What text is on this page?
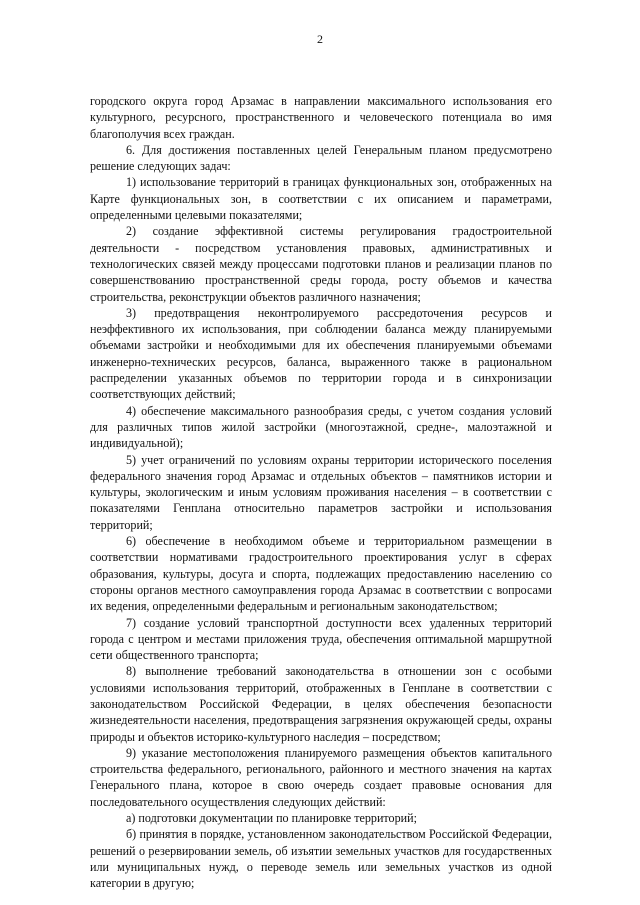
2

городского округа город Арзамас в направлении максимального использования его культурного, ресурсного, пространственного и человеческого потенциала во имя благополучия всех граждан.

6. Для достижения поставленных целей Генеральным планом предусмотрено решение следующих задач:

1) использование территорий в границах функциональных зон, отображенных на Карте функциональных зон, в соответствии с их описанием и параметрами, определенными целевыми показателями;

2) создание эффективной системы регулирования градостроительной деятельности - посредством установления правовых, административных и технологических связей между процессами подготовки планов и реализации планов по совершенствованию пространственной среды города, росту объемов и качества строительства, реконструкции объектов различного назначения;

3) предотвращения неконтролируемого рассредоточения ресурсов и неэффективного их использования, при соблюдении баланса между планируемыми объемами застройки и необходимыми для их обеспечения планируемыми объемами инженерно-технических ресурсов, баланса, выраженного также в рациональном распределении указанных объемов по территории города и в синхронизации соответствующих действий;

4) обеспечение максимального разнообразия среды, с учетом создания условий для различных типов жилой застройки (многоэтажной, средне-, малоэтажной и индивидуальной);

5) учет ограничений по условиям охраны территории исторического поселения федерального значения город Арзамас и отдельных объектов – памятников истории и культуры, экологическим и иным условиям проживания населения – в соответствии с показателями Генплана относительно параметров застройки и использования территорий;

6) обеспечение в необходимом объеме и территориальном размещении в соответствии нормативами градостроительного проектирования услуг в сферах образования, культуры, досуга и спорта, подлежащих предоставлению населению со стороны органов местного самоуправления города Арзамас в соответствии с вопросами их ведения, определенными федеральным и региональным законодательством;

7) создание условий транспортной доступности всех удаленных территорий города с центром и местами приложения труда, обеспечения оптимальной маршрутной сети общественного транспорта;

8) выполнение требований законодательства в отношении зон с особыми условиями использования территорий, отображенных в Генплане в соответствии с законодательством Российской Федерации, в целях обеспечения безопасности жизнедеятельности населения, предотвращения загрязнения окружающей среды, охраны природы и объектов историко-культурного наследия – посредством;

9) указание местоположения планируемого размещения объектов капитального строительства федерального, регионального, районного и местного значения на картах Генерального плана, которое в свою очередь создает правовые основания для последовательного осуществления следующих действий:

а) подготовки документации по планировке территорий;

б) принятия в порядке, установленном законодательством Российской Федерации, решений о резервировании земель, об изъятии земельных участков для государственных или муниципальных нужд, о переводе земель или земельных участков из одной категории в другую;
